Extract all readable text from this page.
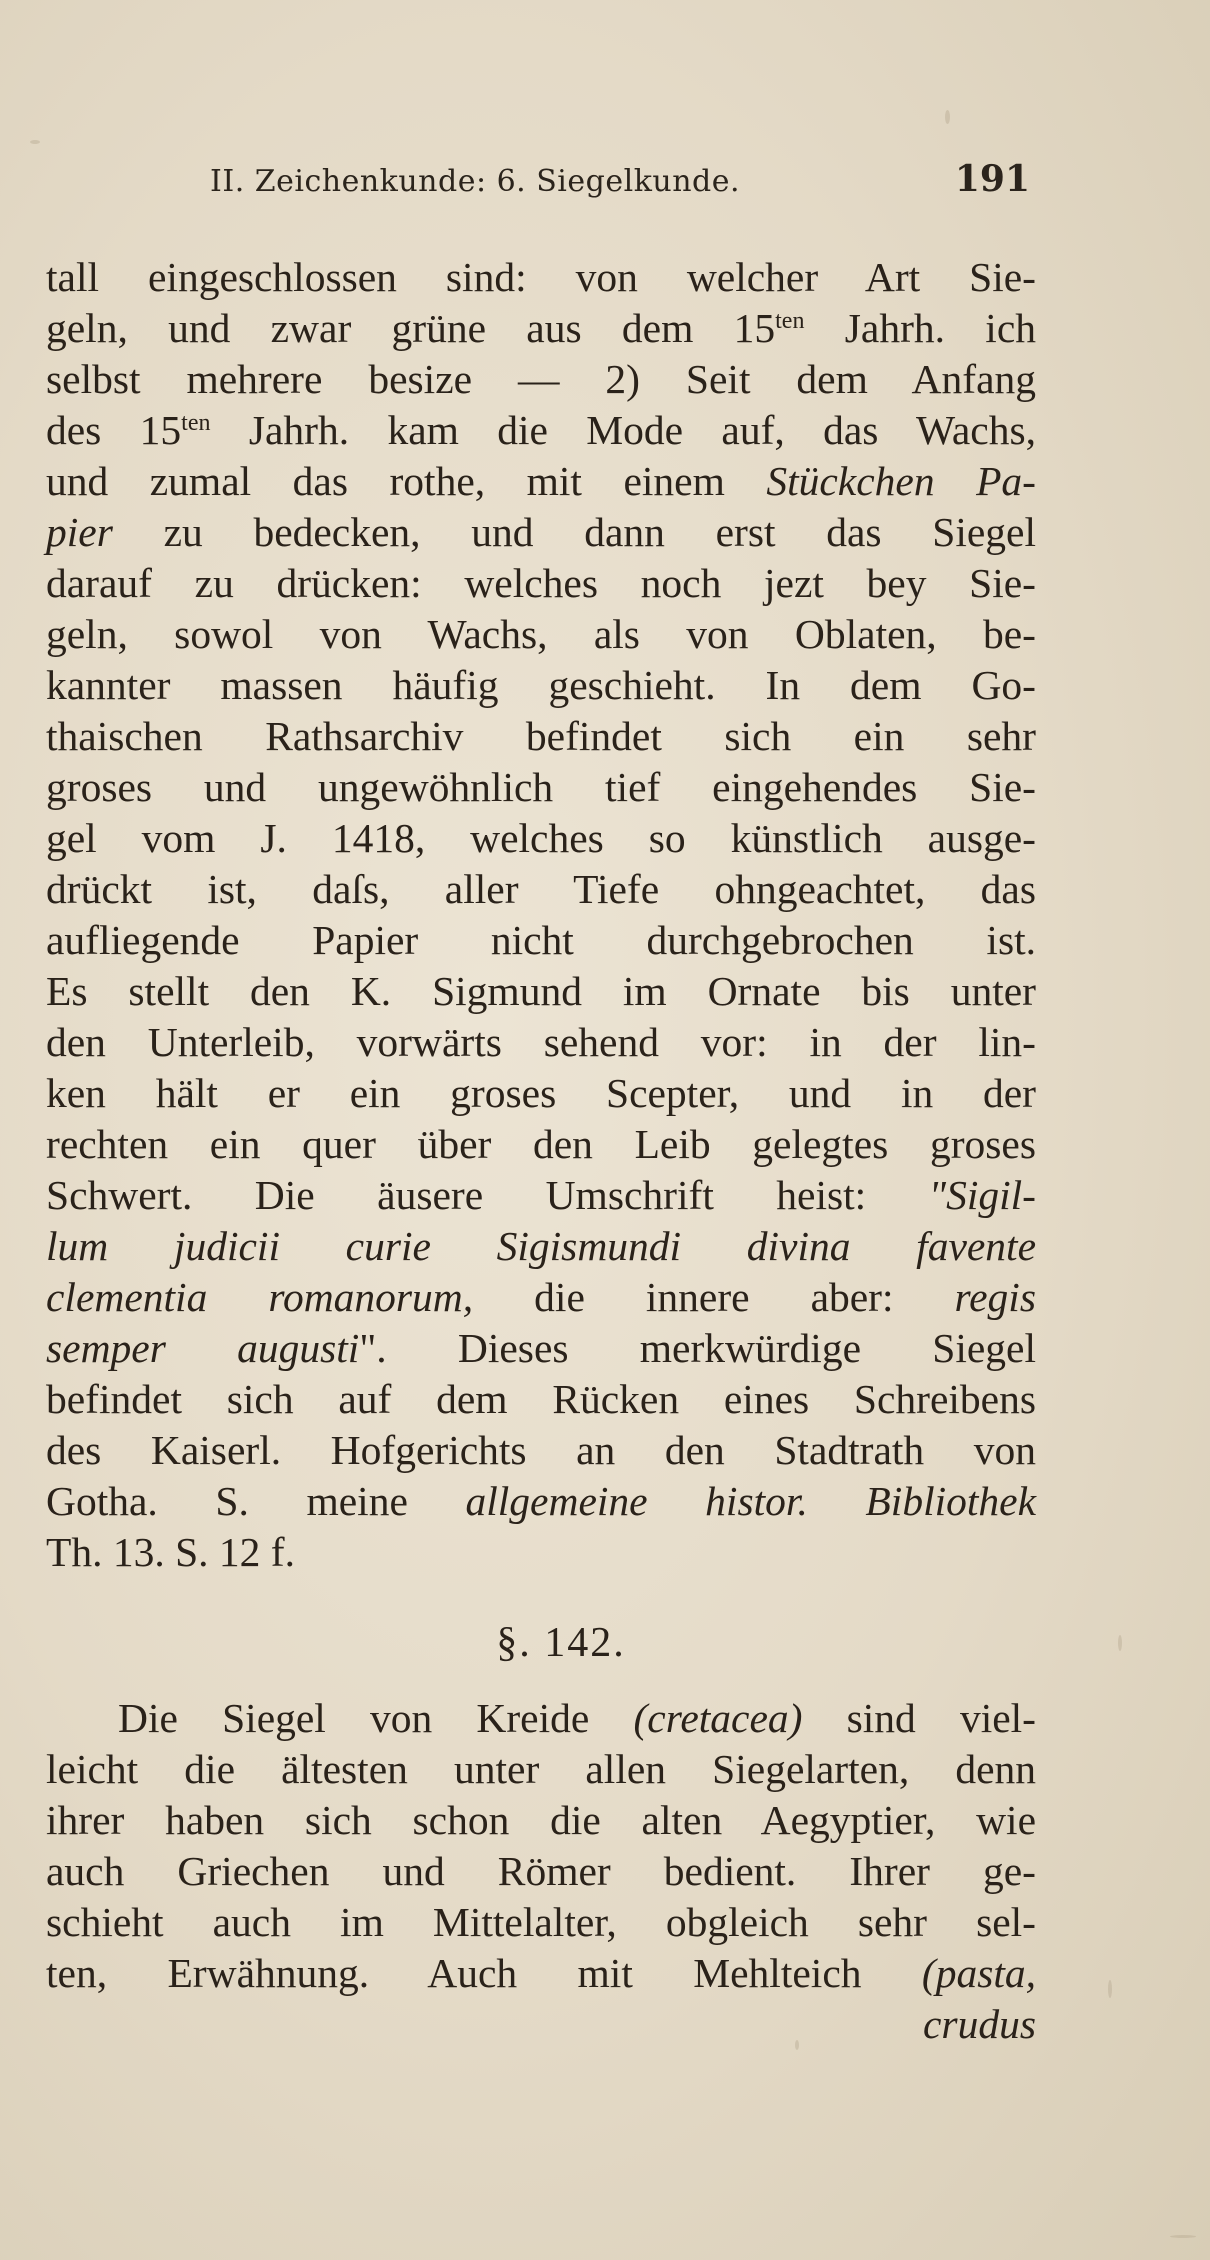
II. Zeichenkunde: 6. Siegelkunde.	191

tall eingeschlossen sind: von welcher Art Sie-
geln, und zwar grüne aus dem $15^{ten}$ Jahrh. ich
selbst mehrere besize — 2) Seit dem Anfang
des $15^{ten}$ Jahrh. kam die Mode auf, das Wachs,
und zumal das rothe, mit einem Stückchen Pa-
pier zu bedecken, und dann erst das Siegel
darauf zu drücken: welches noch jezt bey Sie-
geln, sowol von Wachs, als von Oblaten, be-
kannter massen häufig geschieht. In dem Go-
thaischen Rathsarchiv befindet sich ein sehr
groses und ungewöhnlich tief eingehendes Sie-
gel vom J. 1418, welches so künstlich ausge-
drückt ist, daſs, aller Tiefe ohngeachtet, das
aufliegende Papier nicht durchgebrochen ist.
Es stellt den K. Sigmund im Ornate bis unter
den Unterleib, vorwärts sehend vor: in der lin-
ken hält er ein groses Scepter, und in der
rechten ein quer über den Leib gelegtes groses
Schwert. Die äusere Umschrift heist: "Sigil-
lum judicii curie Sigismundi divina favente
clementia romanorum, die innere aber: regis
semper augusti". Dieses merkwürdige Siegel
befindet sich auf dem Rücken eines Schreibens
des Kaiserl. Hofgerichts an den Stadtrath von
Gotha. S. meine allgemeine histor. Bibliothek
Th. 13. S. 12 f.

§. 142.

Die Siegel von Kreide (cretacea) sind viel-
leicht die ältesten unter allen Siegelarten, denn
ihrer haben sich schon die alten Aegyptier, wie
auch Griechen und Römer bedient. Ihrer ge-
schieht auch im Mittelalter, obgleich sehr sel-
ten, Erwähnung. Auch mit Mehlteich (pasta,
crudus
